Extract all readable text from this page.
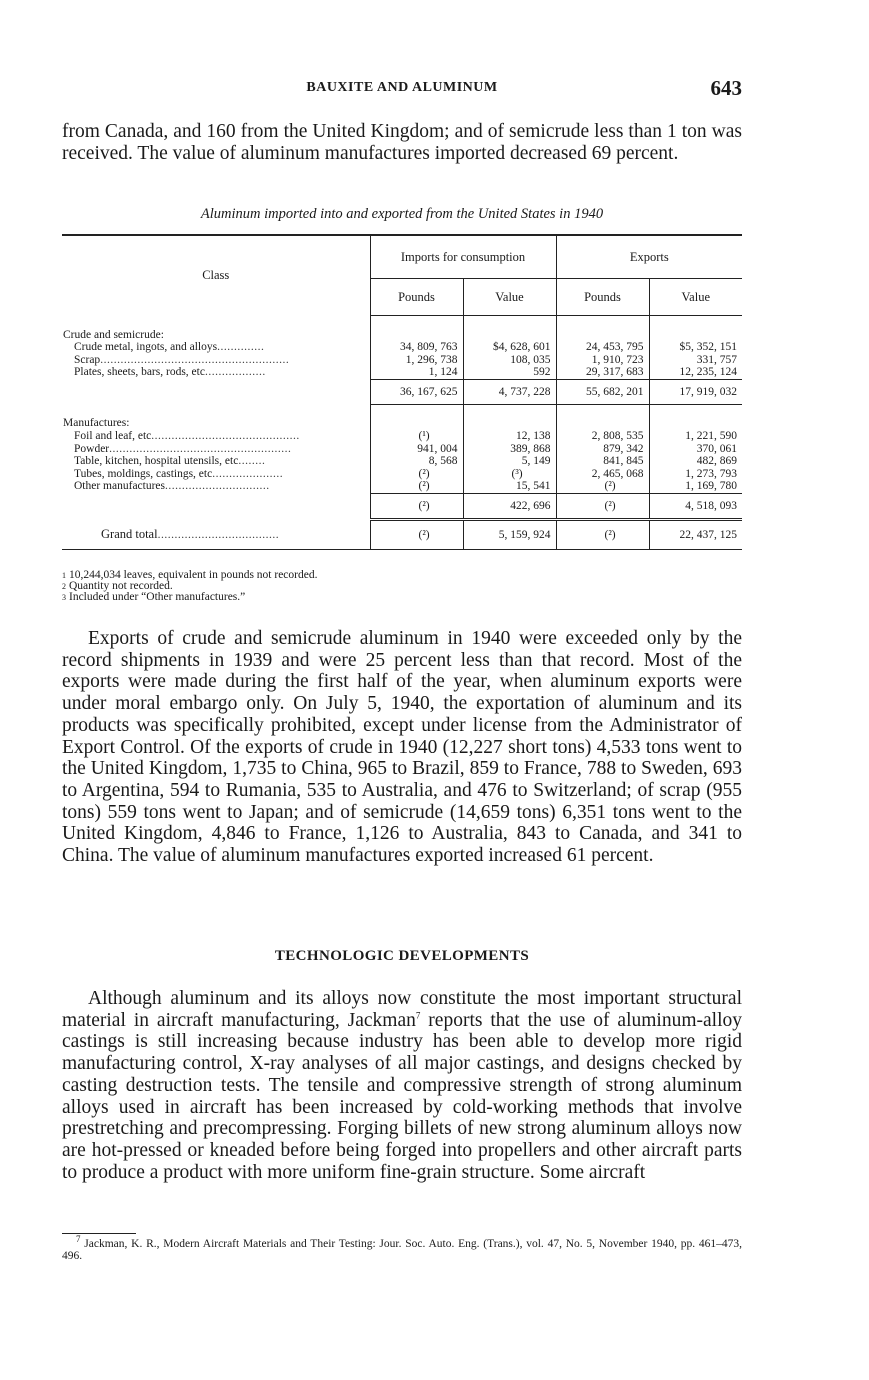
BAUXITE AND ALUMINUM	643

from Canada, and 160 from the United Kingdom; and of semicrude less than 1 ton was received. The value of aluminum manufactures imported decreased 69 percent.

Aluminum imported into and exported from the United States in 1940
Class	Imports for consumption		Exports	
	Pounds	Value	Pounds	Value
Crude and semicrude:				
Crude metal, ingots, and alloys..............	34, 809, 763	$4, 628, 601	24, 453, 795	$5, 352, 151
Scrap........................................................	1, 296, 738	108, 035	1, 910, 723	331, 757
Plates, sheets, bars, rods, etc..................	1, 124	592	29, 317, 683	12, 235, 124
	36, 167, 625	4, 737, 228	55, 682, 201	17, 919, 032
Manufactures:				
Foil and leaf, etc............................................	(¹)	12, 138	2, 808, 535	1, 221, 590
Powder......................................................	941, 004	389, 868	879, 342	370, 061
Table, kitchen, hospital utensils, etc........	8, 568	5, 149	841, 845	482, 869
Tubes, moldings, castings, etc.....................	(²)	(³)	2, 465, 068	1, 273, 793
Other manufactures...............................	(²)	15, 541	(²)	1, 169, 780
	(²)	422, 696	(²)	4, 518, 093
Grand total....................................	(²)	5, 159, 924	(²)	22, 437, 125
$^1$ 10,244,034 leaves, equivalent in pounds not recorded.
$^2$ Quantity not recorded.
$^3$ Included under “Other manufactures.”

Exports of crude and semicrude aluminum in 1940 were exceeded only by the record shipments in 1939 and were 25 percent less than that record. Most of the exports were made during the first half of the year, when aluminum exports were under moral embargo only. On July 5, 1940, the exportation of aluminum and its products was specifically prohibited, except under license from the Administrator of Export Control. Of the exports of crude in 1940 (12,227 short tons) 4,533 tons went to the United Kingdom, 1,735 to China, 965 to Brazil, 859 to France, 788 to Sweden, 693 to Argentina, 594 to Rumania, 535 to Australia, and 476 to Switzerland; of scrap (955 tons) 559 tons went to Japan; and of semicrude (14,659 tons) 6,351 tons went to the United Kingdom, 4,846 to France, 1,126 to Australia, 843 to Canada, and 341 to China. The value of aluminum manufactures exported increased 61 percent.

TECHNOLOGIC DEVELOPMENTS

Although aluminum and its alloys now constitute the most important structural material in aircraft manufacturing, Jackman$^7$ reports that the use of aluminum-alloy castings is still increasing because industry has been able to develop more rigid manufacturing control, X-ray analyses of all major castings, and designs checked by casting destruction tests. The tensile and compressive strength of strong aluminum alloys used in aircraft has been increased by cold-working methods that involve prestretching and precompressing. Forging billets of new strong aluminum alloys now are hot-pressed or kneaded before being forged into propellers and other aircraft parts to produce a product with more uniform fine-grain structure. Some aircraft

$^7$ Jackman, K. R., Modern Aircraft Materials and Their Testing: Jour. Soc. Auto. Eng. (Trans.), vol. 47, No. 5, November 1940, pp. 461–473, 496.
